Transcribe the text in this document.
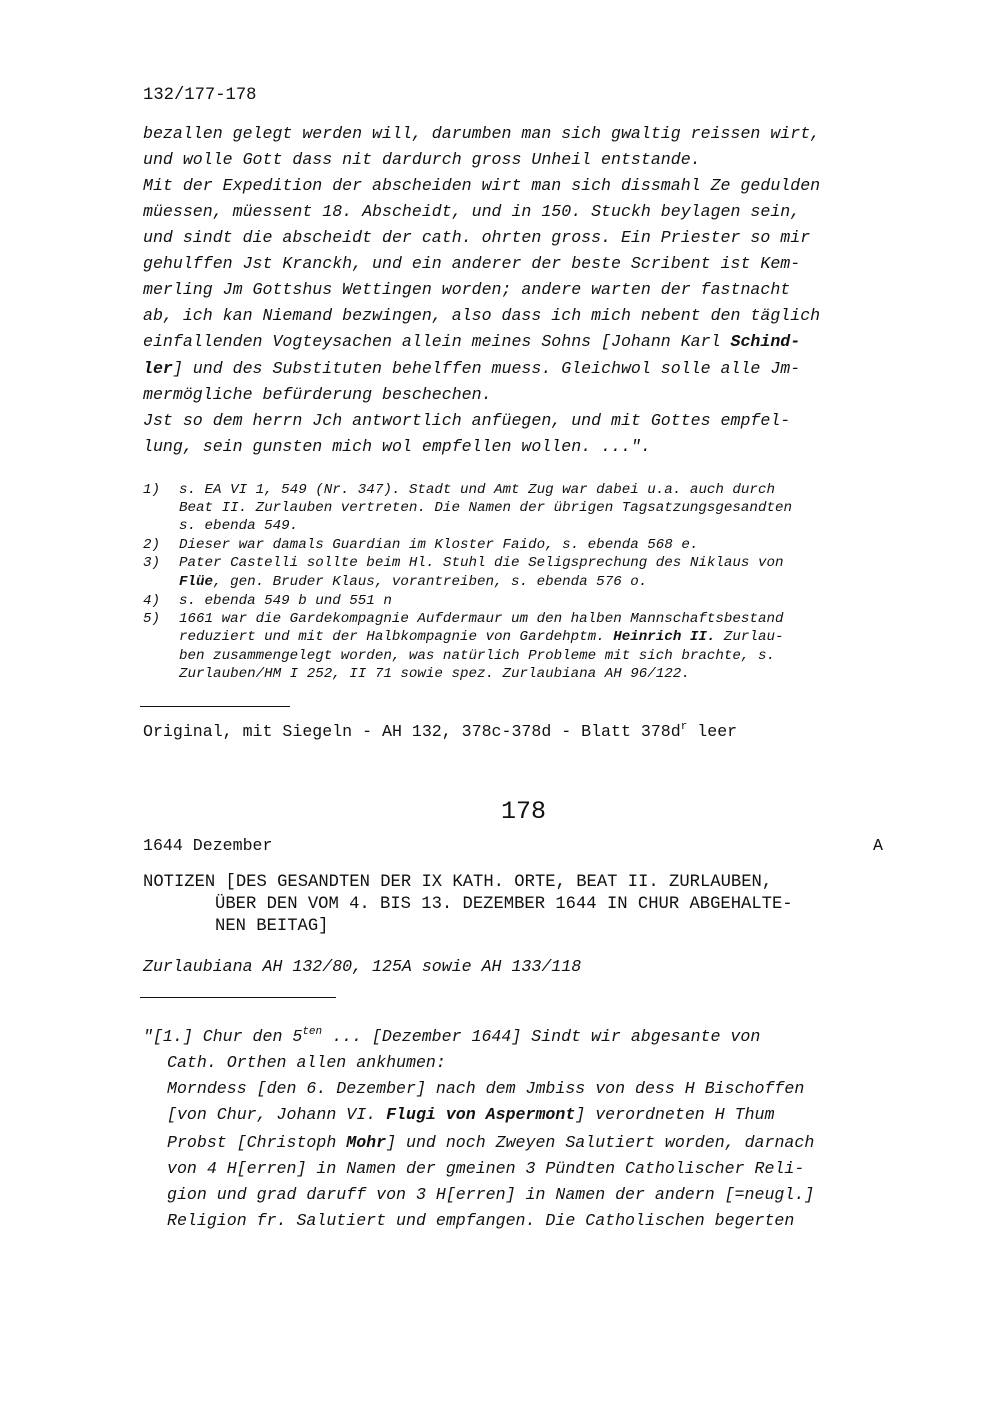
132/177-178

bezallen gelegt werden will, darumben man sich gwaltig reissen wirt,

und wolle Gott dass nit dardurch gross Unheil entstande.

Mit der Expedition der abscheiden wirt man sich dissmahl Ze gedulden

müessen, müessent 18. Abscheidt, und in 150. Stuckh beylagen sein,

und sindt die abscheidt der cath. ohrten gross. Ein Priester so mir

gehulffen Jst Kranckh, und ein anderer der beste Scribent ist Kem-

merling Jm Gottshus Wettingen worden; andere warten der fastnacht

ab, ich kan Niemand bezwingen, also dass ich mich nebent den täglich

einfallenden Vogteysachen allein meines Sohns [Johann Karl Schind-

ler] und des Substituten behelffen muess. Gleichwol solle alle Jm-

mermögliche befürderung beschechen.

Jst so dem herrn Jch antwortlich anfüegen, und mit Gottes empfel-

lung, sein gunsten mich wol empfellen wollen. ...".

1) s. EA VI 1, 549 (Nr. 347). Stadt und Amt Zug war dabei u.a. auch durch

Beat II. Zurlauben vertreten. Die Namen der übrigen Tagsatzungsgesandten

s. ebenda 549.

2) Dieser war damals Guardian im Kloster Faido, s. ebenda 568 e.

3) Pater Castelli sollte beim Hl. Stuhl die Seligsprechung des Niklaus von

Flüe, gen. Bruder Klaus, vorantreiben, s. ebenda 576 o.

4) s. ebenda 549 b und 551 n

5) 1661 war die Gardekompagnie Aufdermaur um den halben Mannschaftsbestand

reduziert und mit der Halbkompagnie von Gardehptm. Heinrich II. Zurlau-

ben zusammengelegt worden, was natürlich Probleme mit sich brachte, s.

Zurlauben/HM I 252, II 71 sowie spez. Zurlaubiana AH 96/122.

Original, mit Siegeln - AH 132, 378c-378d - Blatt $378d^r$ leer

178

1644 Dezember	A

NOTIZEN [DES GESANDTEN DER IX KATH. ORTE, BEAT II. ZURLAUBEN,

ÜBER DEN VOM 4. BIS 13. DEZEMBER 1644 IN CHUR ABGEHALTE-

NEN BEITAG]

Zurlaubiana AH 132/80, 125A sowie AH 133/118

"[1.] Chur den $5^{ten}$ ... [Dezember 1644] Sindt wir abgesante von

Cath. Orthen allen ankhumen:

Morndess [den 6. Dezember] nach dem Jmbiss von dess H Bischoffen

[von Chur, Johann VI. Flugi von Aspermont] verordneten H Thum

Probst [Christoph Mohr] und noch Zweyen Salutiert worden, darnach

von 4 H[erren] in Namen der gmeinen 3 Pündten Catholischer Reli-

gion und grad daruff von 3 H[erren] in Namen der andern [=neugl.]

Religion fr. Salutiert und empfangen. Die Catholischen begerten
